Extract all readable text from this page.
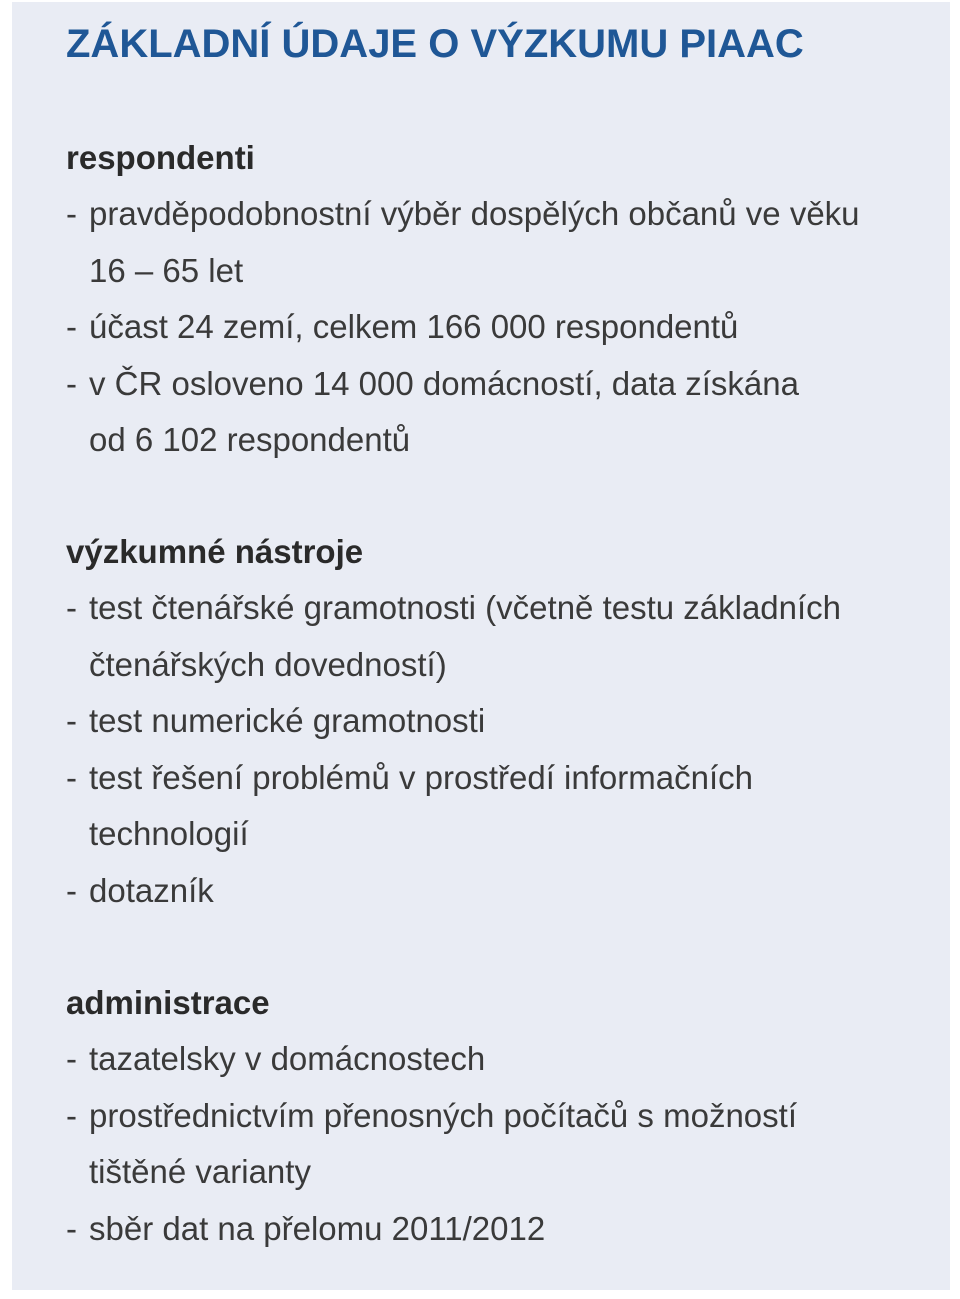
ZÁKLADNÍ ÚDAJE O VÝZKUMU PIAAC
respondenti
- pravděpodobnostní výběr dospělých občanů ve věku
16 – 65 let
- účast 24 zemí, celkem 166 000 respondentů
- v ČR osloveno 14 000 domácností, data získána
od 6 102 respondentů
výzkumné nástroje
- test čtenářské gramotnosti (včetně testu základních
čtenářských dovedností)
- test numerické gramotnosti
- test řešení problémů v prostředí informačních
technologií
- dotazník
administrace
- tazatelsky v domácnostech
- prostřednictvím přenosných počítačů s možností
tištěné varianty
- sběr dat na přelomu 2011/2012
